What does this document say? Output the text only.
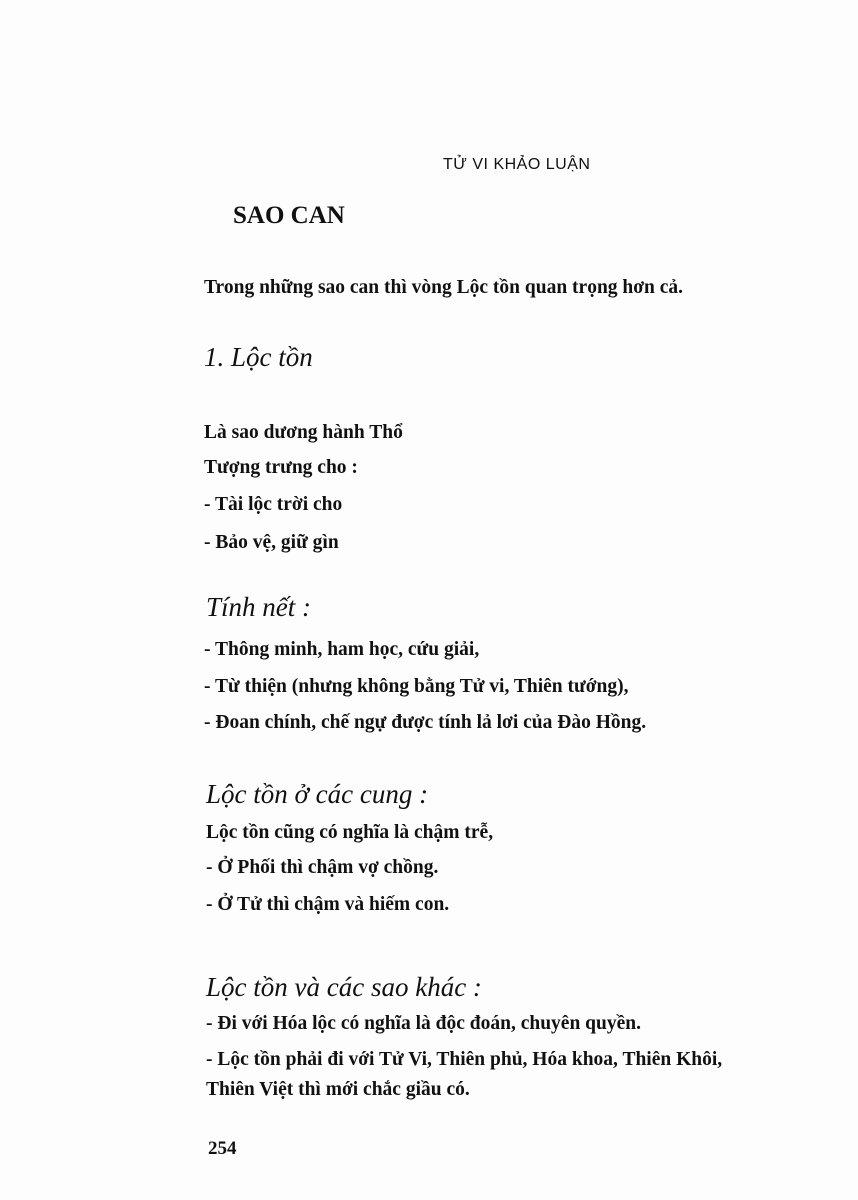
TỬ VI KHẢO LUẬN
SAO CAN
Trong những sao can thì vòng Lộc tồn quan trọng hơn cả.
1. Lộc tồn
Là sao dương hành Thổ
Tượng trưng cho :
- Tài lộc trời cho
- Bảo vệ, giữ gìn
Tính nết :
- Thông minh, ham học, cứu giải,
- Từ thiện (nhưng không bằng Tử vi, Thiên tướng),
- Đoan chính, chế ngự được tính lả lơi của Đào Hồng.
Lộc tồn ở các cung :
Lộc tồn cũng có nghĩa là chậm trễ,
- Ở Phối thì chậm vợ chồng.
- Ở Tử thì chậm và hiếm con.
Lộc tồn và các sao khác :
- Đi với Hóa lộc có nghĩa là độc đoán, chuyên quyền.
- Lộc tồn phải đi với Tử Vi, Thiên phủ, Hóa khoa, Thiên Khôi,
Thiên Việt thì mới chắc giầu có.
254
